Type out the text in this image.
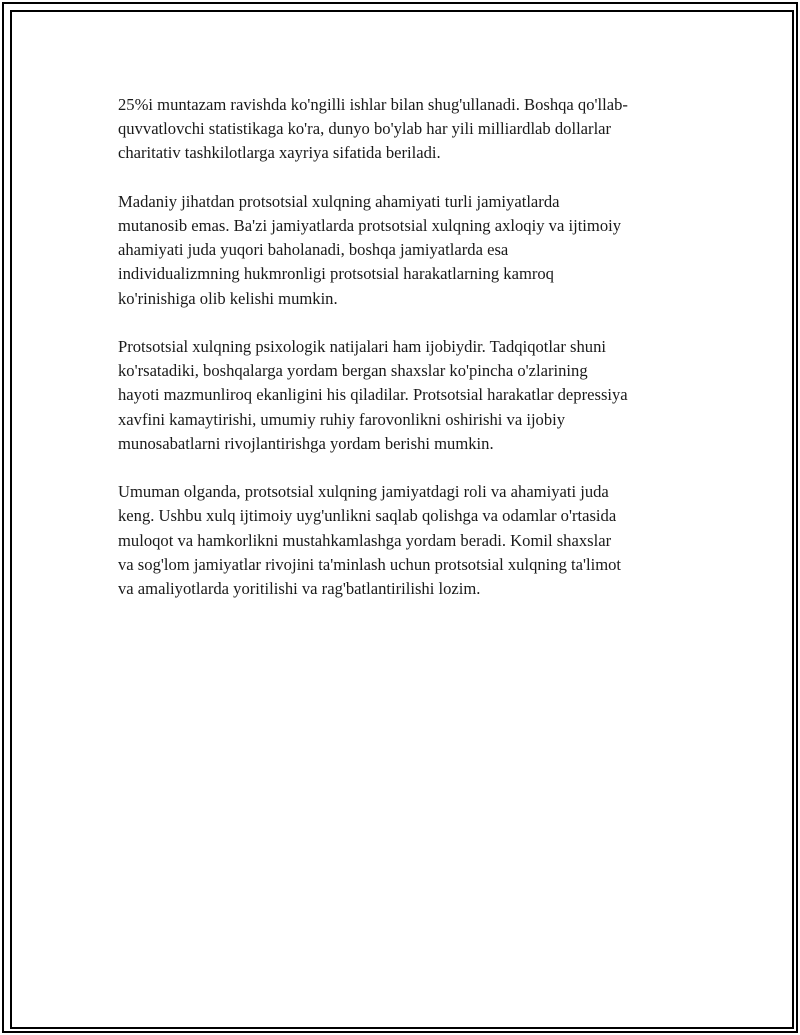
25%i muntazam ravishda ko'ngilli ishlar bilan shug'ullanadi. Boshqa qo'llab-
quvvatlovchi statistikaga ko'ra, dunyo bo'ylab har yili milliardlab dollarlar
charitativ tashkilotlarga xayriya sifatida beriladi.

Madaniy jihatdan protsotsial xulqning ahamiyati turli jamiyatlarda
mutanosib emas. Ba'zi jamiyatlarda protsotsial xulqning axloqiy va ijtimoiy
ahamiyati juda yuqori baholanadi, boshqa jamiyatlarda esa
individualizmning hukmronligi protsotsial harakatlarning kamroq
ko'rinishiga olib kelishi mumkin.

Protsotsial xulqning psixologik natijalari ham ijobiydir. Tadqiqotlar shuni
ko'rsatadiki, boshqalarga yordam bergan shaxslar ko'pincha o'zlarining
hayoti mazmunliroq ekanligini his qiladilar. Protsotsial harakatlar depressiya
xavfini kamaytirishi, umumiy ruhiy farovonlikni oshirishi va ijobiy
munosabatlarni rivojlantirishga yordam berishi mumkin.

Umuman olganda, protsotsial xulqning jamiyatdagi roli va ahamiyati juda
keng. Ushbu xulq ijtimoiy uyg'unlikni saqlab qolishga va odamlar o'rtasida
muloqot va hamkorlikni mustahkamlashga yordam beradi. Komil shaxslar
va sog'lom jamiyatlar rivojini ta'minlash uchun protsotsial xulqning ta'limot
va amaliyotlarda yoritilishi va rag'batlantirilishi lozim.
